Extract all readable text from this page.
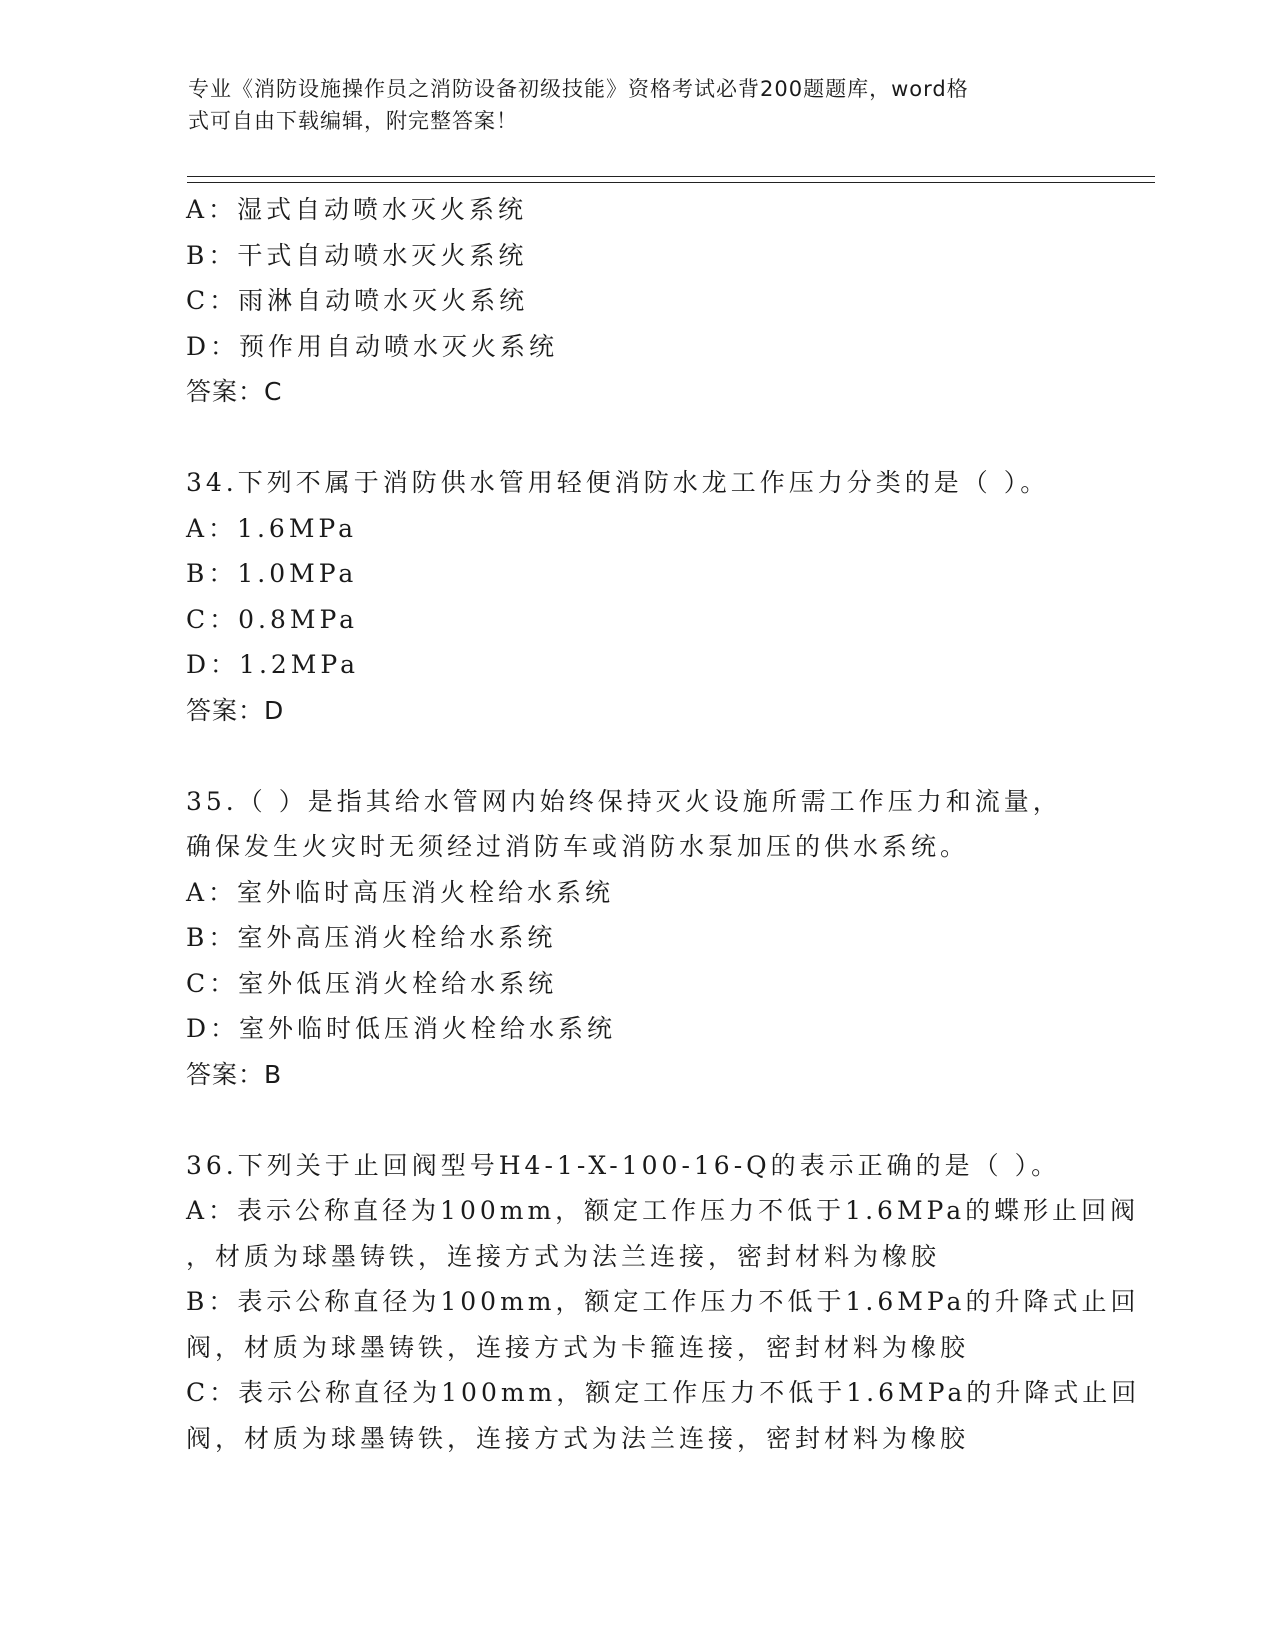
专业《消防设施操作员之消防设备初级技能》资格考试必背200题题库，word格
式可自由下载编辑，附完整答案！
A：湿式自动喷水灭火系统
B：干式自动喷水灭火系统
C：雨淋自动喷水灭火系统
D：预作用自动喷水灭火系统
答案：C
34.下列不属于消防供水管用轻便消防水龙工作压力分类的是（ ）。
A：1.6MPa
B：1.0MPa
C：0.8MPa
D：1.2MPa
答案：D
35.（ ）是指其给水管网内始终保持灭火设施所需工作压力和流量，
确保发生火灾时无须经过消防车或消防水泵加压的供水系统。
A：室外临时高压消火栓给水系统
B：室外高压消火栓给水系统
C：室外低压消火栓给水系统
D：室外临时低压消火栓给水系统
答案：B
36.下列关于止回阀型号H4-1-X-100-16-Q的表示正确的是（ ）。
A：表示公称直径为100mm，额定工作压力不低于1.6MPa的蝶形止回阀
，材质为球墨铸铁，连接方式为法兰连接，密封材料为橡胶
B：表示公称直径为100mm，额定工作压力不低于1.6MPa的升降式止回
阀，材质为球墨铸铁，连接方式为卡箍连接，密封材料为橡胶
C：表示公称直径为100mm，额定工作压力不低于1.6MPa的升降式止回
阀，材质为球墨铸铁，连接方式为法兰连接，密封材料为橡胶
